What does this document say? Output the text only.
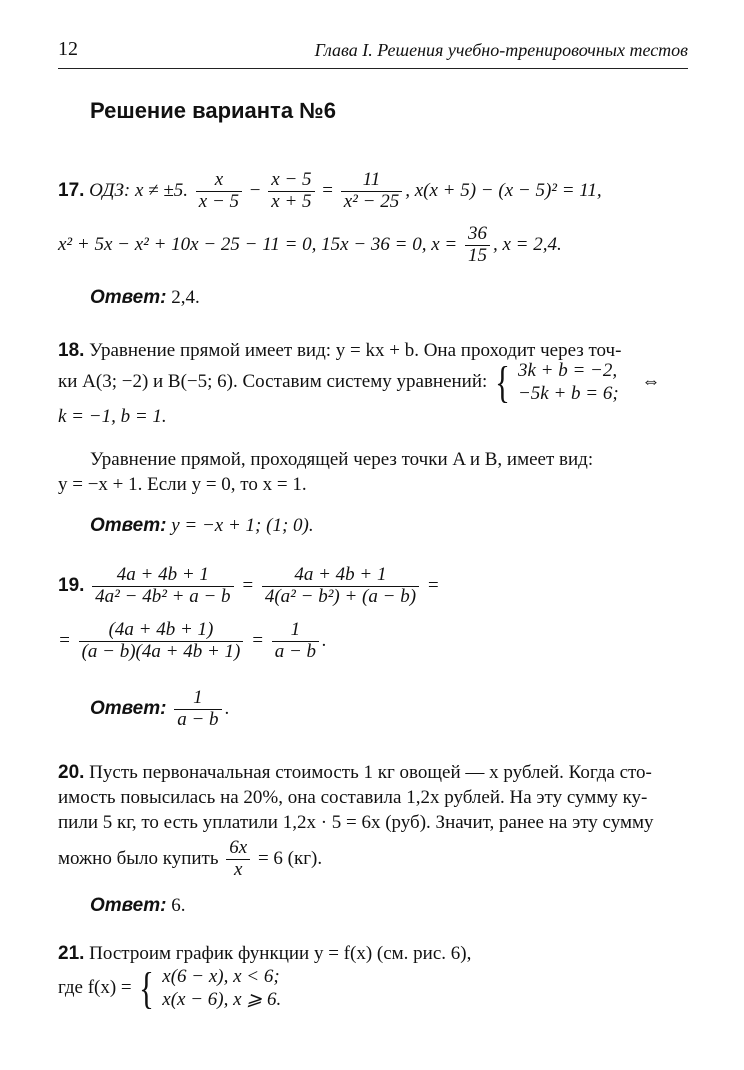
12	Глава I. Решения учебно-тренировочных тестов
Решение варианта №6
17. ОДЗ: x ≠ ±5. $\frac{x}{x - 5} - \frac{x - 5}{x + 5} = \frac{11}{\text{x² − 25}}$ , x(x + 5) − (x − 5)² = 11,
x² + 5x − x² + 10x − 25 − 11 = 0, 15x − 36 = 0, $x = \frac{36}{15}$ , x = 2,4.
Ответ: 2,4.
18. Уравнение прямой имеет вид: y = kx + b. Она проходит через точ-
ки A(3; −2) и B(−5; 6). Составим систему уравнений: { 3k + b = −2,
−5k + b = 6;
⇔
k = −1, b = 1.
Уравнение прямой, проходящей через точки A и B, имеет вид:
y = −x + 1. Если y = 0, то x = 1.
Ответ: y = −x + 1; (1; 0).
19. $\frac{4a + 4b + 1}{\text{4a² − 4b² + a − b}} = \frac{4a + 4b + 1}{\text{4(a² − b²) + (a − b)}}$ =
= $\frac{(4a + 4b + 1)}{(a - b)(4a + 4b + 1)} = \frac{1}{a - b}$ .
Ответ: $\frac{1}{a - b}$ .
20. Пусть первоначальная стоимость 1 кг овощей — x рублей. Когда сто-
имость повысилась на 20%, она составила 1,2x рублей. На эту сумму ку-
пили 5 кг, то есть уплатили 1,2x · 5 = 6x (руб). Значит, ранее на эту сумму
можно было купить $\frac{6x}{x} = 6$ (кг).
Ответ: 6.
21. Построим график функции y = f(x) (см. рис. 6),
где f(x) = { x(6 − x), x < 6;
x(x − 6), x ⩾ 6.
